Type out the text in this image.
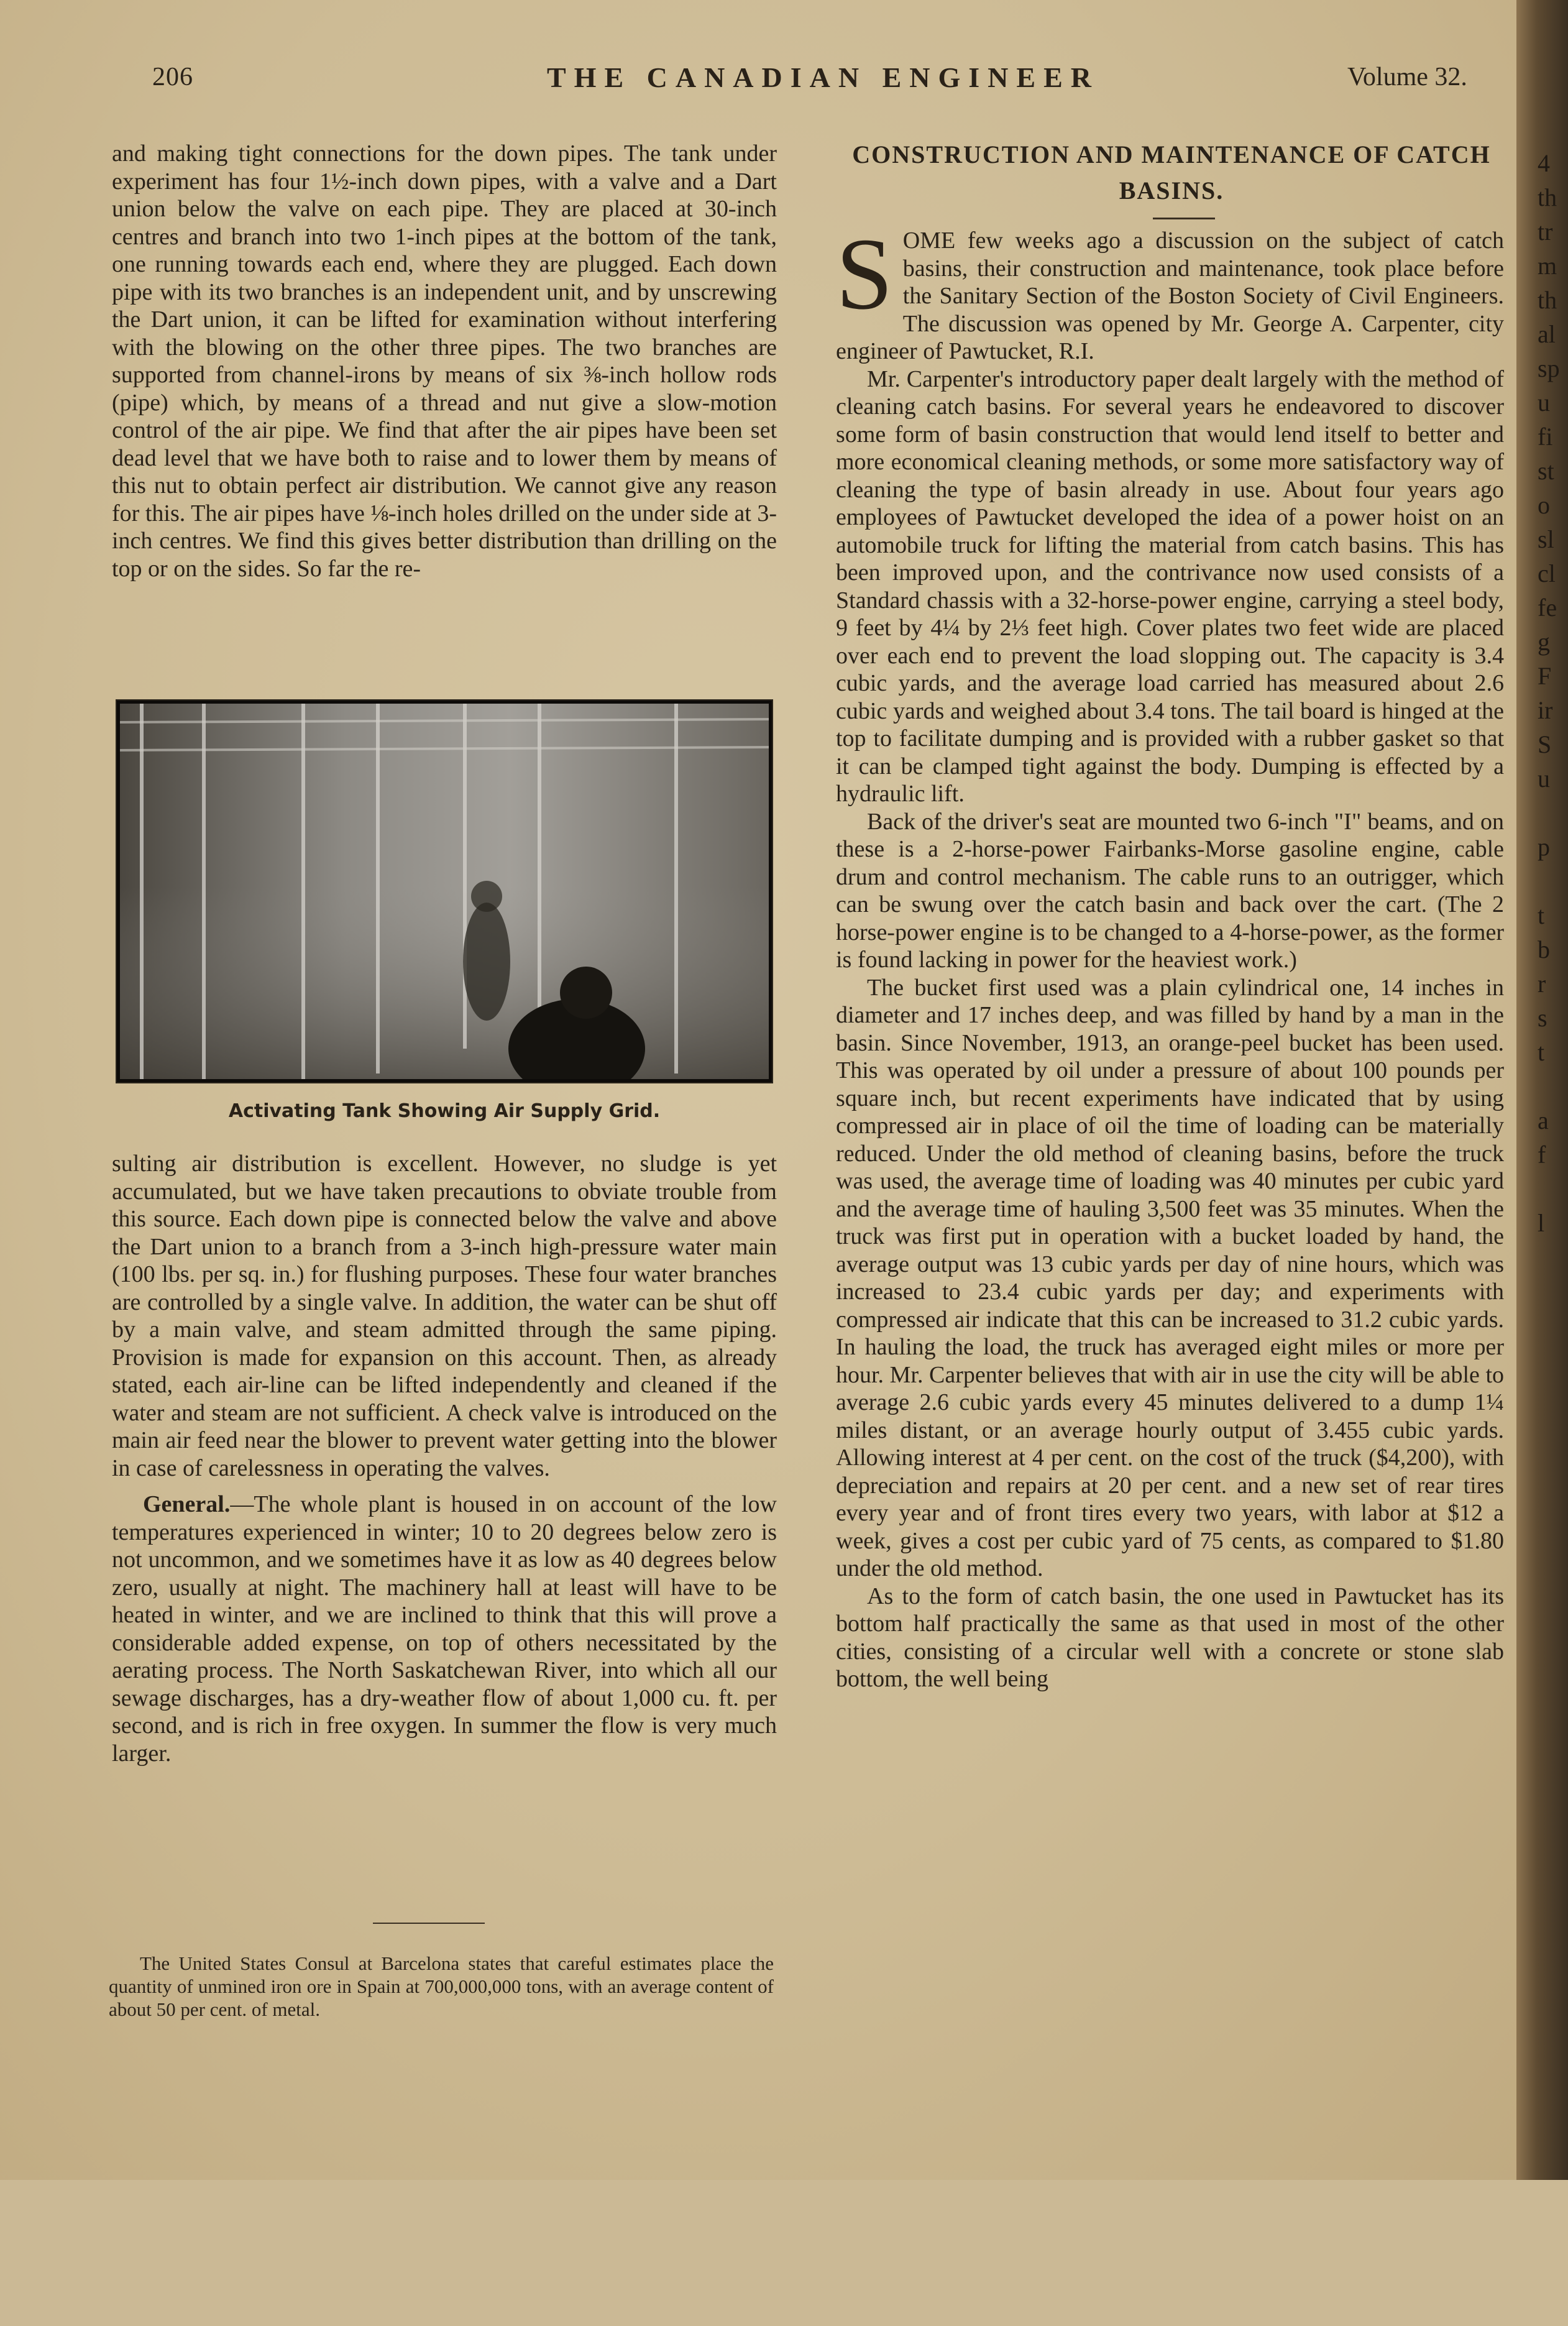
206	THE CANADIAN ENGINEER	Volume 32.

and making tight connections for the down pipes. The tank under experiment has four 1½-inch down pipes, with a valve and a Dart union below the valve on each pipe. They are placed at 30-inch centres and branch into two 1-inch pipes at the bottom of the tank, one running towards each end, where they are plugged. Each down pipe with its two branches is an independent unit, and by unscrewing the Dart union, it can be lifted for examination without interfering with the blowing on the other three pipes. The two branches are supported from channel-irons by means of six ⅜-inch hollow rods (pipe) which, by means of a thread and nut give a slow-motion control of the air pipe. We find that after the air pipes have been set dead level that we have both to raise and to lower them by means of this nut to obtain perfect air distribution. We cannot give any reason for this. The air pipes have ⅛-inch holes drilled on the under side at 3-inch centres. We find this gives better distribution than drilling on the top or on the sides. So far the re-

Activating Tank Showing Air Supply Grid.

sulting air distribution is excellent. However, no sludge is yet accumulated, but we have taken precautions to obviate trouble from this source. Each down pipe is connected below the valve and above the Dart union to a branch from a 3-inch high-pressure water main (100 lbs. per sq. in.) for flushing purposes. These four water branches are controlled by a single valve. In addition, the water can be shut off by a main valve, and steam admitted through the same piping. Provision is made for expansion on this account. Then, as already stated, each air-line can be lifted independently and cleaned if the water and steam are not sufficient. A check valve is introduced on the main air feed near the blower to prevent water getting into the blower in case of carelessness in operating the valves.

General.—The whole plant is housed in on account of the low temperatures experienced in winter; 10 to 20 degrees below zero is not uncommon, and we sometimes have it as low as 40 degrees below zero, usually at night. The machinery hall at least will have to be heated in winter, and we are inclined to think that this will prove a considerable added expense, on top of others necessitated by the aerating process. The North Saskatchewan River, into which all our sewage discharges, has a dry-weather flow of about 1,000 cu. ft. per second, and is rich in free oxygen. In summer the flow is very much larger.

The United States Consul at Barcelona states that careful estimates place the quantity of unmined iron ore in Spain at 700,000,000 tons, with an average content of about 50 per cent. of metal.

CONSTRUCTION AND MAINTENANCE OF CATCH BASINS.

SOME few weeks ago a discussion on the subject of catch basins, their construction and maintenance, took place before the Sanitary Section of the Boston Society of Civil Engineers. The discussion was opened by Mr. George A. Carpenter, city engineer of Pawtucket, R.I.

Mr. Carpenter's introductory paper dealt largely with the method of cleaning catch basins. For several years he endeavored to discover some form of basin construction that would lend itself to better and more economical cleaning methods, or some more satisfactory way of cleaning the type of basin already in use. About four years ago employees of Pawtucket developed the idea of a power hoist on an automobile truck for lifting the material from catch basins. This has been improved upon, and the contrivance now used consists of a Standard chassis with a 32-horse-power engine, carrying a steel body, 9 feet by 4¼ by 2⅓ feet high. Cover plates two feet wide are placed over each end to prevent the load slopping out. The capacity is 3.4 cubic yards, and the average load carried has measured about 2.6 cubic yards and weighed about 3.4 tons. The tail board is hinged at the top to facilitate dumping and is provided with a rubber gasket so that it can be clamped tight against the body. Dumping is effected by a hydraulic lift.

Back of the driver's seat are mounted two 6-inch "I" beams, and on these is a 2-horse-power Fairbanks-Morse gasoline engine, cable drum and control mechanism. The cable runs to an outrigger, which can be swung over the catch basin and back over the cart. (The 2 horse-power engine is to be changed to a 4-horse-power, as the former is found lacking in power for the heaviest work.)

The bucket first used was a plain cylindrical one, 14 inches in diameter and 17 inches deep, and was filled by hand by a man in the basin. Since November, 1913, an orange-peel bucket has been used. This was operated by oil under a pressure of about 100 pounds per square inch, but recent experiments have indicated that by using compressed air in place of oil the time of loading can be materially reduced. Under the old method of cleaning basins, before the truck was used, the average time of loading was 40 minutes per cubic yard and the average time of hauling 3,500 feet was 35 minutes. When the truck was first put in operation with a bucket loaded by hand, the average output was 13 cubic yards per day of nine hours, which was increased to 23.4 cubic yards per day; and experiments with compressed air indicate that this can be increased to 31.2 cubic yards. In hauling the load, the truck has averaged eight miles or more per hour. Mr. Carpenter believes that with air in use the city will be able to average 2.6 cubic yards every 45 minutes delivered to a dump 1¼ miles distant, or an average hourly output of 3.455 cubic yards. Allowing interest at 4 per cent. on the cost of the truck ($4,200), with depreciation and repairs at 20 per cent. and a new set of rear tires every year and of front tires every two years, with labor at $12 a week, gives a cost per cubic yard of 75 cents, as compared to $1.80 under the old method.

As to the form of catch basin, the one used in Pawtucket has its bottom half practically the same as that used in most of the other cities, consisting of a circular well with a concrete or stone slab bottom, the well being

4
th
tr
m
th
al
sp
u
fi
st
o
sl
cl
fe
g
F
ir
S
u
p
t
b
r
s
t
a
f
l
